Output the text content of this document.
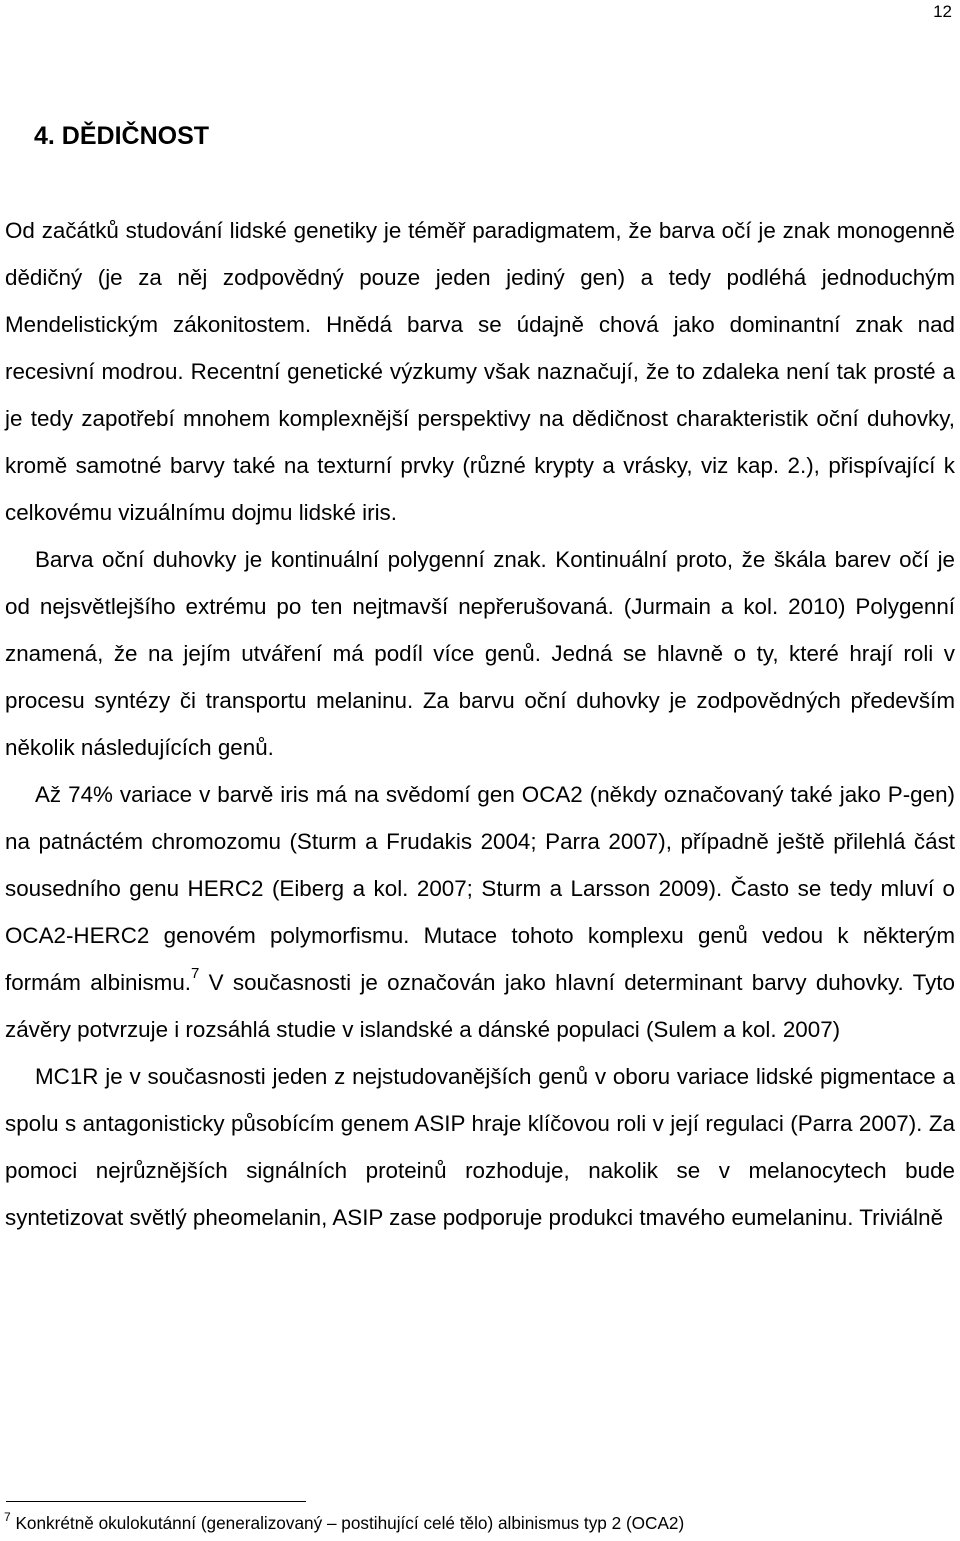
12
4. DĚDIČNOST

Od začátků studování lidské genetiky je téměř paradigmatem, že barva očí je znak monogenně dědičný (je za něj zodpovědný pouze jeden jediný gen) a tedy podléhá jednoduchým Mendelistickým zákonitostem. Hnědá barva se údajně chová jako dominantní znak nad recesivní modrou. Recentní genetické výzkumy však naznačují, že to zdaleka není tak prosté a je tedy zapotřebí mnohem komplexnější perspektivy na dědičnost charakteristik oční duhovky, kromě samotné barvy také na texturní prvky (různé krypty a vrásky, viz kap. 2.), přispívající k celkovému vizuálnímu dojmu lidské iris.

Barva oční duhovky je kontinuální polygenní znak. Kontinuální proto, že škála barev očí je od nejsvětlejšího extrému po ten nejtmavší nepřerušovaná. (Jurmain a kol. 2010) Polygenní znamená, že na jejím utváření má podíl více genů. Jedná se hlavně o ty, které hrají roli v procesu syntézy či transportu melaninu. Za barvu oční duhovky je zodpovědných především několik následujících genů.

Až 74% variace v barvě iris má na svědomí gen OCA2 (někdy označovaný také jako P-gen) na patnáctém chromozomu (Sturm a Frudakis 2004; Parra 2007), případně ještě přilehlá část sousedního genu HERC2 (Eiberg a kol. 2007; Sturm a Larsson 2009). Často se tedy mluví o OCA2-HERC2 genovém polymorfismu. Mutace tohoto komplexu genů vedou k některým formám albinismu.$^7$ V současnosti je označován jako hlavní determinant barvy duhovky. Tyto závěry potvrzuje i rozsáhlá studie v islandské a dánské populaci (Sulem a kol. 2007)

MC1R je v současnosti jeden z nejstudovanějších genů v oboru variace lidské pigmentace a spolu s antagonisticky působícím genem ASIP hraje klíčovou roli v její regulaci (Parra 2007). Za pomoci nejrůznějších signálních proteinů rozhoduje, nakolik se v melanocytech bude syntetizovat světlý pheomelanin, ASIP zase podporuje produkci tmavého eumelaninu. Triviálně

$^7$ Konkrétně okulokutánní (generalizovaný – postihující celé tělo) albinismus typ 2 (OCA2)
